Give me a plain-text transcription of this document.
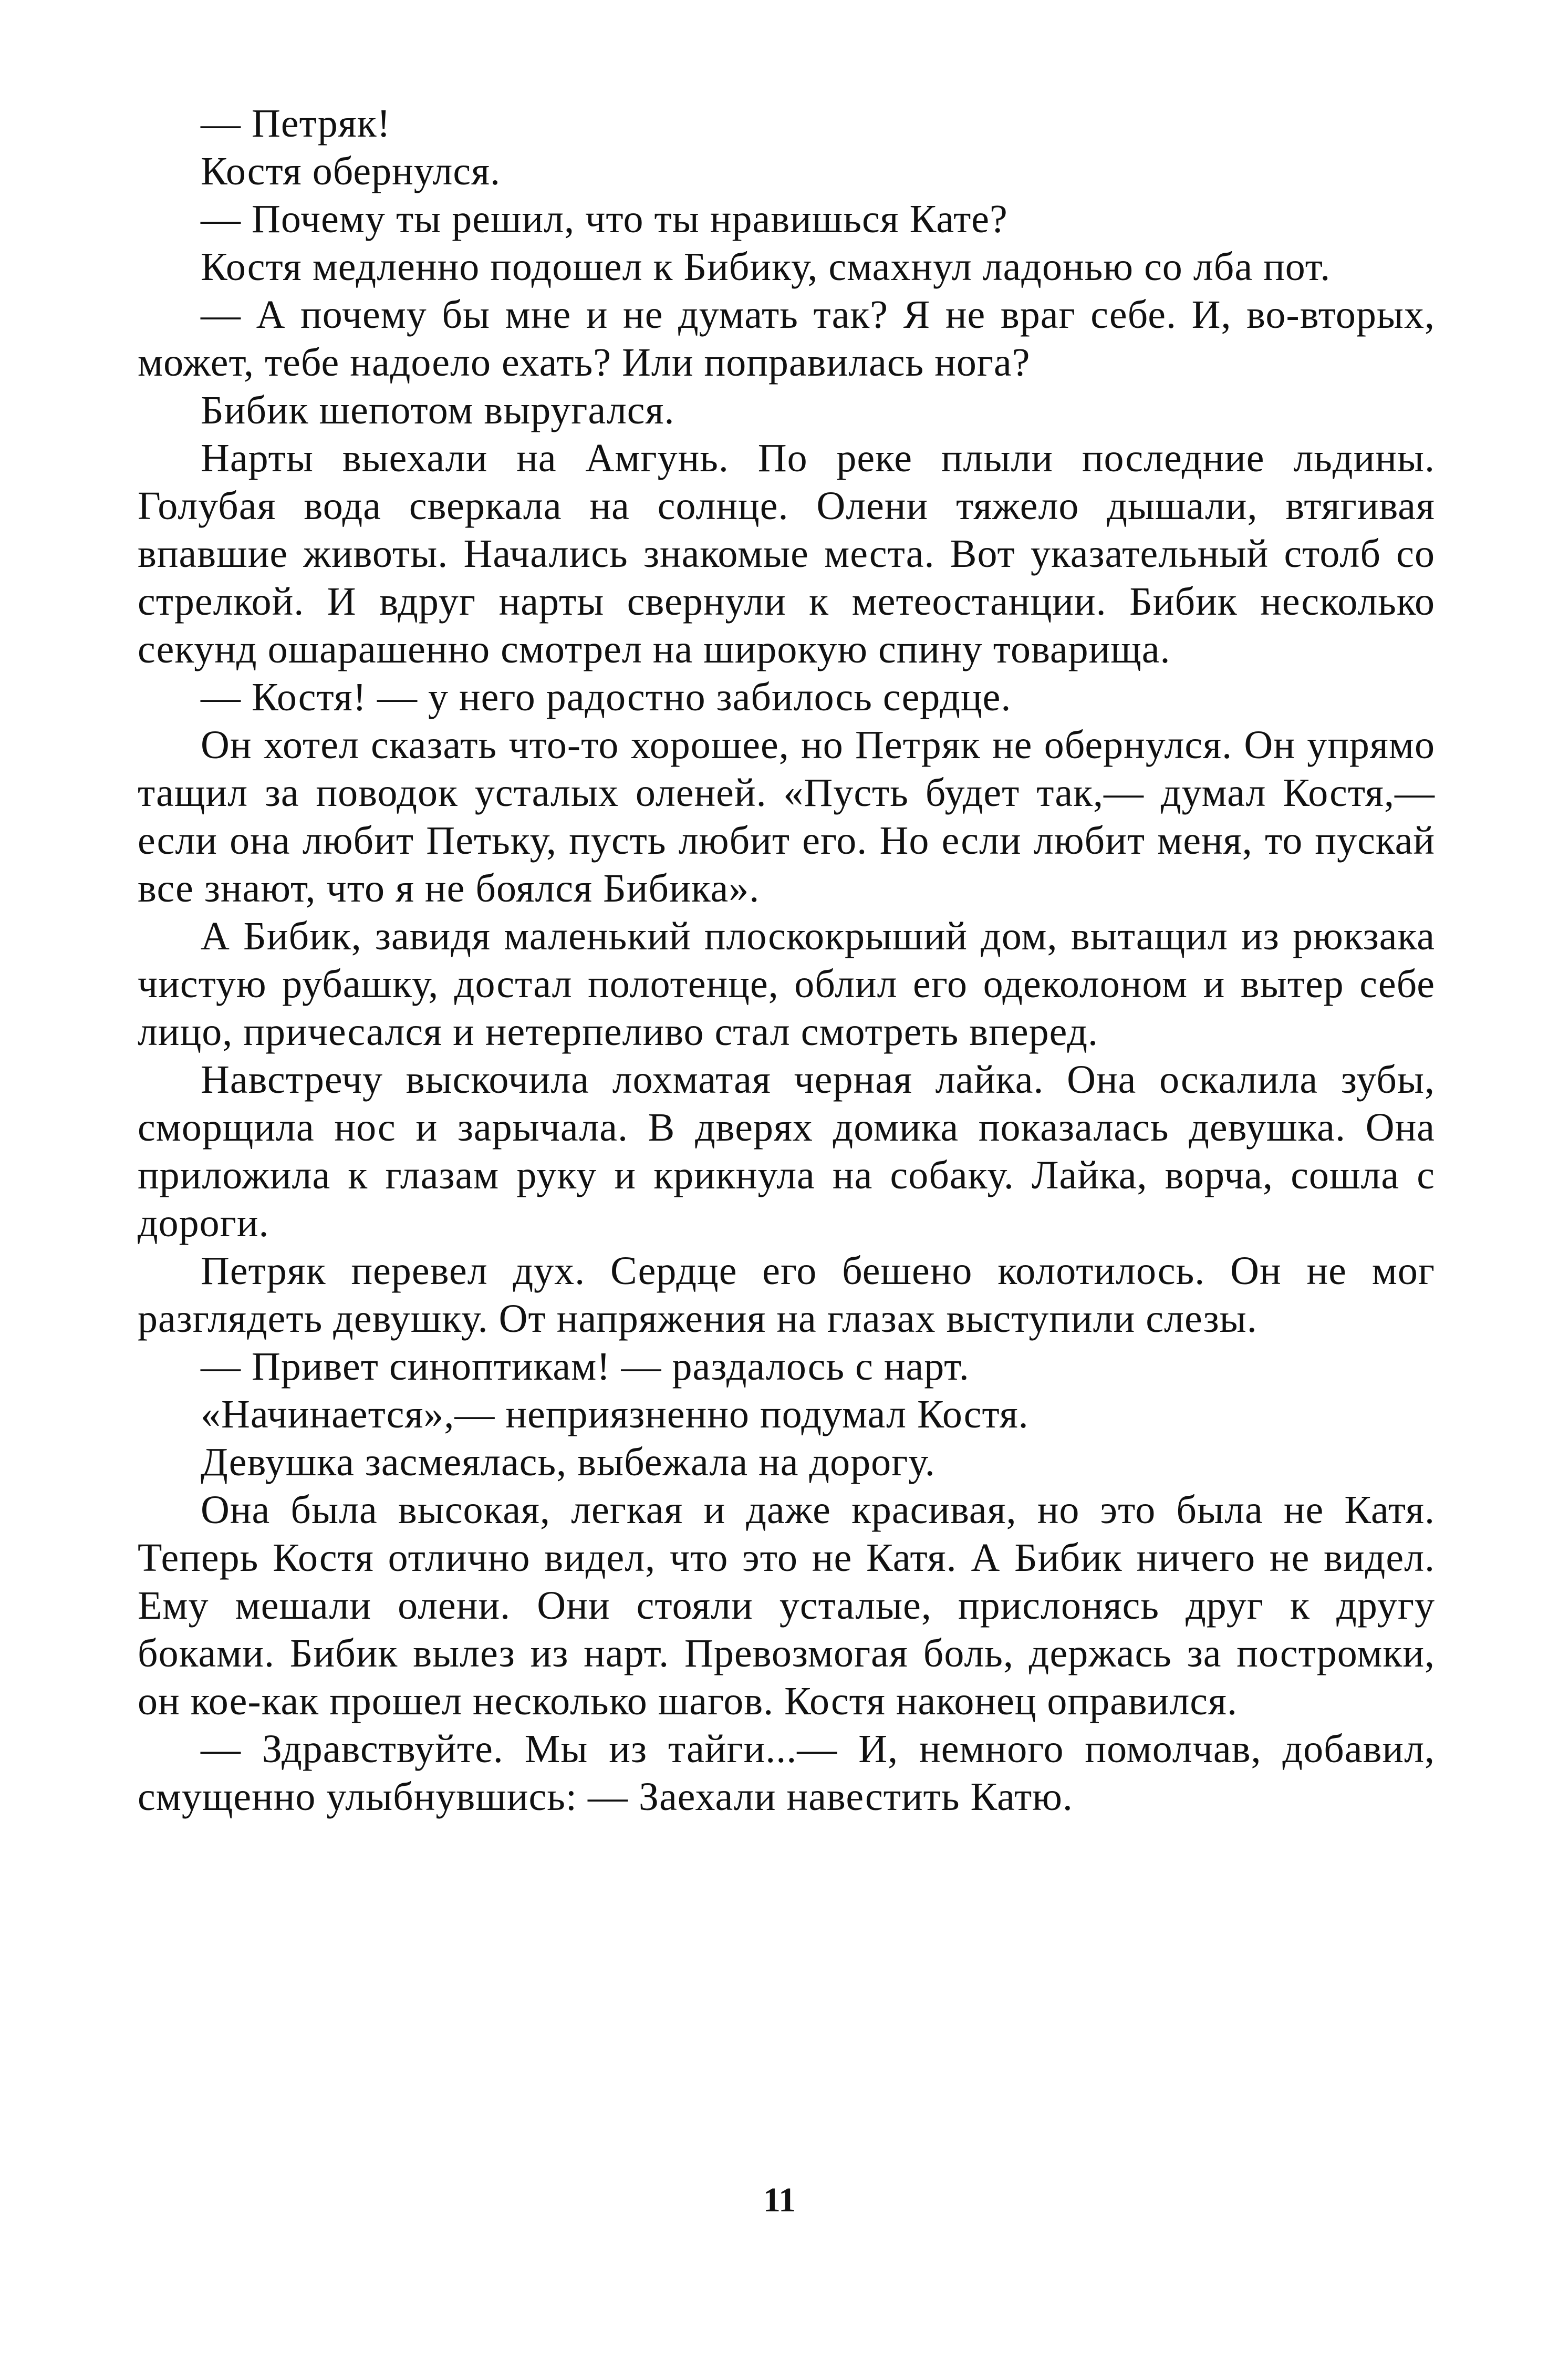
— Петряк!

Костя обернулся.

— Почему ты решил, что ты нравишься Кате?

Костя медленно подошел к Бибику, смахнул ладонью со лба пот.

— А почему бы мне и не думать так? Я не враг себе. И, во-вторых, может, тебе надоело ехать? Или поправилась нога?

Бибик шепотом выругался.

Нарты выехали на Амгунь. По реке плыли последние льдины. Голубая вода сверкала на солнце. Олени тяжело дышали, втягивая впавшие животы. Начались знакомые места. Вот указательный столб со стрелкой. И вдруг нарты свернули к метеостанции. Бибик несколько секунд ошарашенно смотрел на широкую спину товарища.

— Костя! — у него радостно забилось сердце.

Он хотел сказать что-то хорошее, но Петряк не обернулся. Он упрямо тащил за поводок усталых оленей. «Пусть будет так,— думал Костя,— если она любит Петьку, пусть любит его. Но если любит меня, то пускай все знают, что я не боялся Бибика».

А Бибик, завидя маленький плоскокрыший дом, вытащил из рюкзака чистую рубашку, достал полотенце, облил его одеколоном и вытер себе лицо, причесался и нетерпеливо стал смотреть вперед.

Навстречу выскочила лохматая черная лайка. Она оскалила зубы, сморщила нос и зарычала. В дверях домика показалась девушка. Она приложила к глазам руку и крикнула на собаку. Лайка, ворча, сошла с дороги.

Петряк перевел дух. Сердце его бешено колотилось. Он не мог разглядеть девушку. От напряжения на глазах выступили слезы.

— Привет синоптикам! — раздалось с нарт.

«Начинается»,— неприязненно подумал Костя.

Девушка засмеялась, выбежала на дорогу.

Она была высокая, легкая и даже красивая, но это была не Катя. Теперь Костя отлично видел, что это не Катя. А Бибик ничего не видел. Ему мешали олени. Они стояли усталые, прислонясь друг к другу боками. Бибик вылез из нарт. Превозмогая боль, держась за постромки, он кое-как прошел несколько шагов. Костя наконец оправился.

— Здравствуйте. Мы из тайги...— И, немного помолчав, добавил, смущенно улыбнувшись: — Заехали навестить Катю.

11
